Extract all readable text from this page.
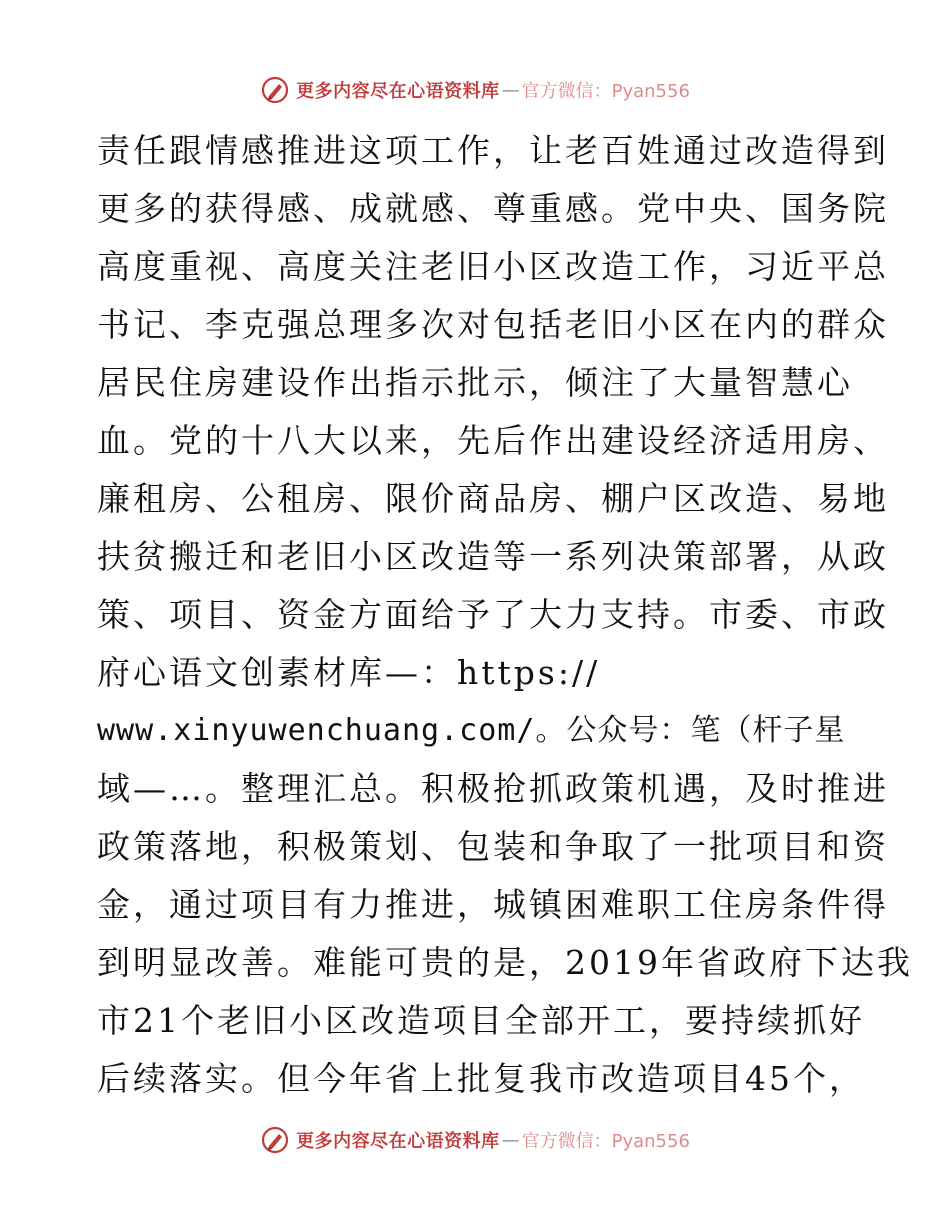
更多内容尽在心语资料库 — 官方微信：Pyan556
责任跟情感推进这项工作，让老百姓通过改造得到
更多的获得感、成就感、尊重感。党中央、国务院
高度重视、高度关注老旧小区改造工作，习近平总
书记、李克强总理多次对包括老旧小区在内的群众
居民住房建设作出指示批示，倾注了大量智慧心
血。党的十八大以来，先后作出建设经济适用房、
廉租房、公租房、限价商品房、棚户区改造、易地
扶贫搬迁和老旧小区改造等一系列决策部署，从政
策、项目、资金方面给予了大力支持。市委、市政
府心语文创素材库—：https://
www.xinyuwenchuang.com/。公众号：笔（杆子星
域—…。整理汇总。积极抢抓政策机遇，及时推进
政策落地，积极策划、包装和争取了一批项目和资
金，通过项目有力推进，城镇困难职工住房条件得
到明显改善。难能可贵的是，2019年省政府下达我
市21个老旧小区改造项目全部开工，要持续抓好
后续落实。但今年省上批复我市改造项目45个，
更多内容尽在心语资料库 — 官方微信：Pyan556
